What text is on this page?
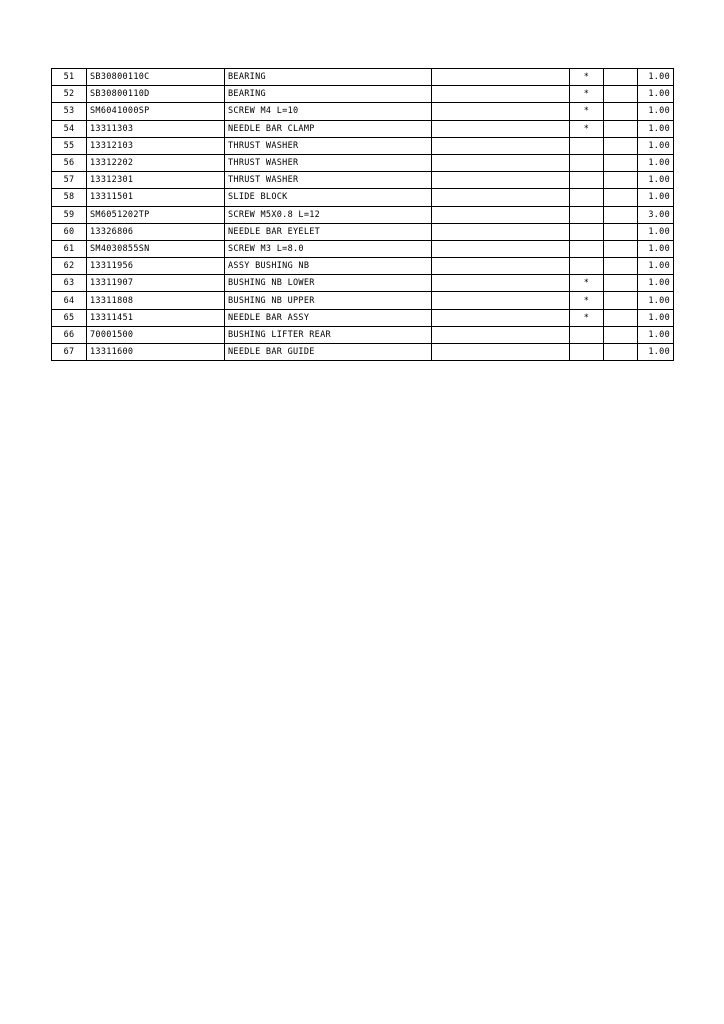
51	SB30800110C	BEARING		*		1.00
52	SB30800110D	BEARING		*		1.00
53	SM6041000SP	SCREW M4 L=10		*		1.00
54	13311303	NEEDLE BAR CLAMP		*		1.00
55	13312103	THRUST WASHER				1.00
56	13312202	THRUST WASHER				1.00
57	13312301	THRUST WASHER				1.00
58	13311501	SLIDE BLOCK				1.00
59	SM6051202TP	SCREW M5X0.8 L=12				3.00
60	13326806	NEEDLE BAR EYELET				1.00
61	SM4030855SN	SCREW M3 L=8.0				1.00
62	13311956	ASSY BUSHING NB				1.00
63	13311907	BUSHING NB LOWER		*		1.00
64	13311808	BUSHING NB UPPER		*		1.00
65	13311451	NEEDLE BAR ASSY		*		1.00
66	70001500	BUSHING LIFTER REAR				1.00
67	13311600	NEEDLE BAR GUIDE				1.00
